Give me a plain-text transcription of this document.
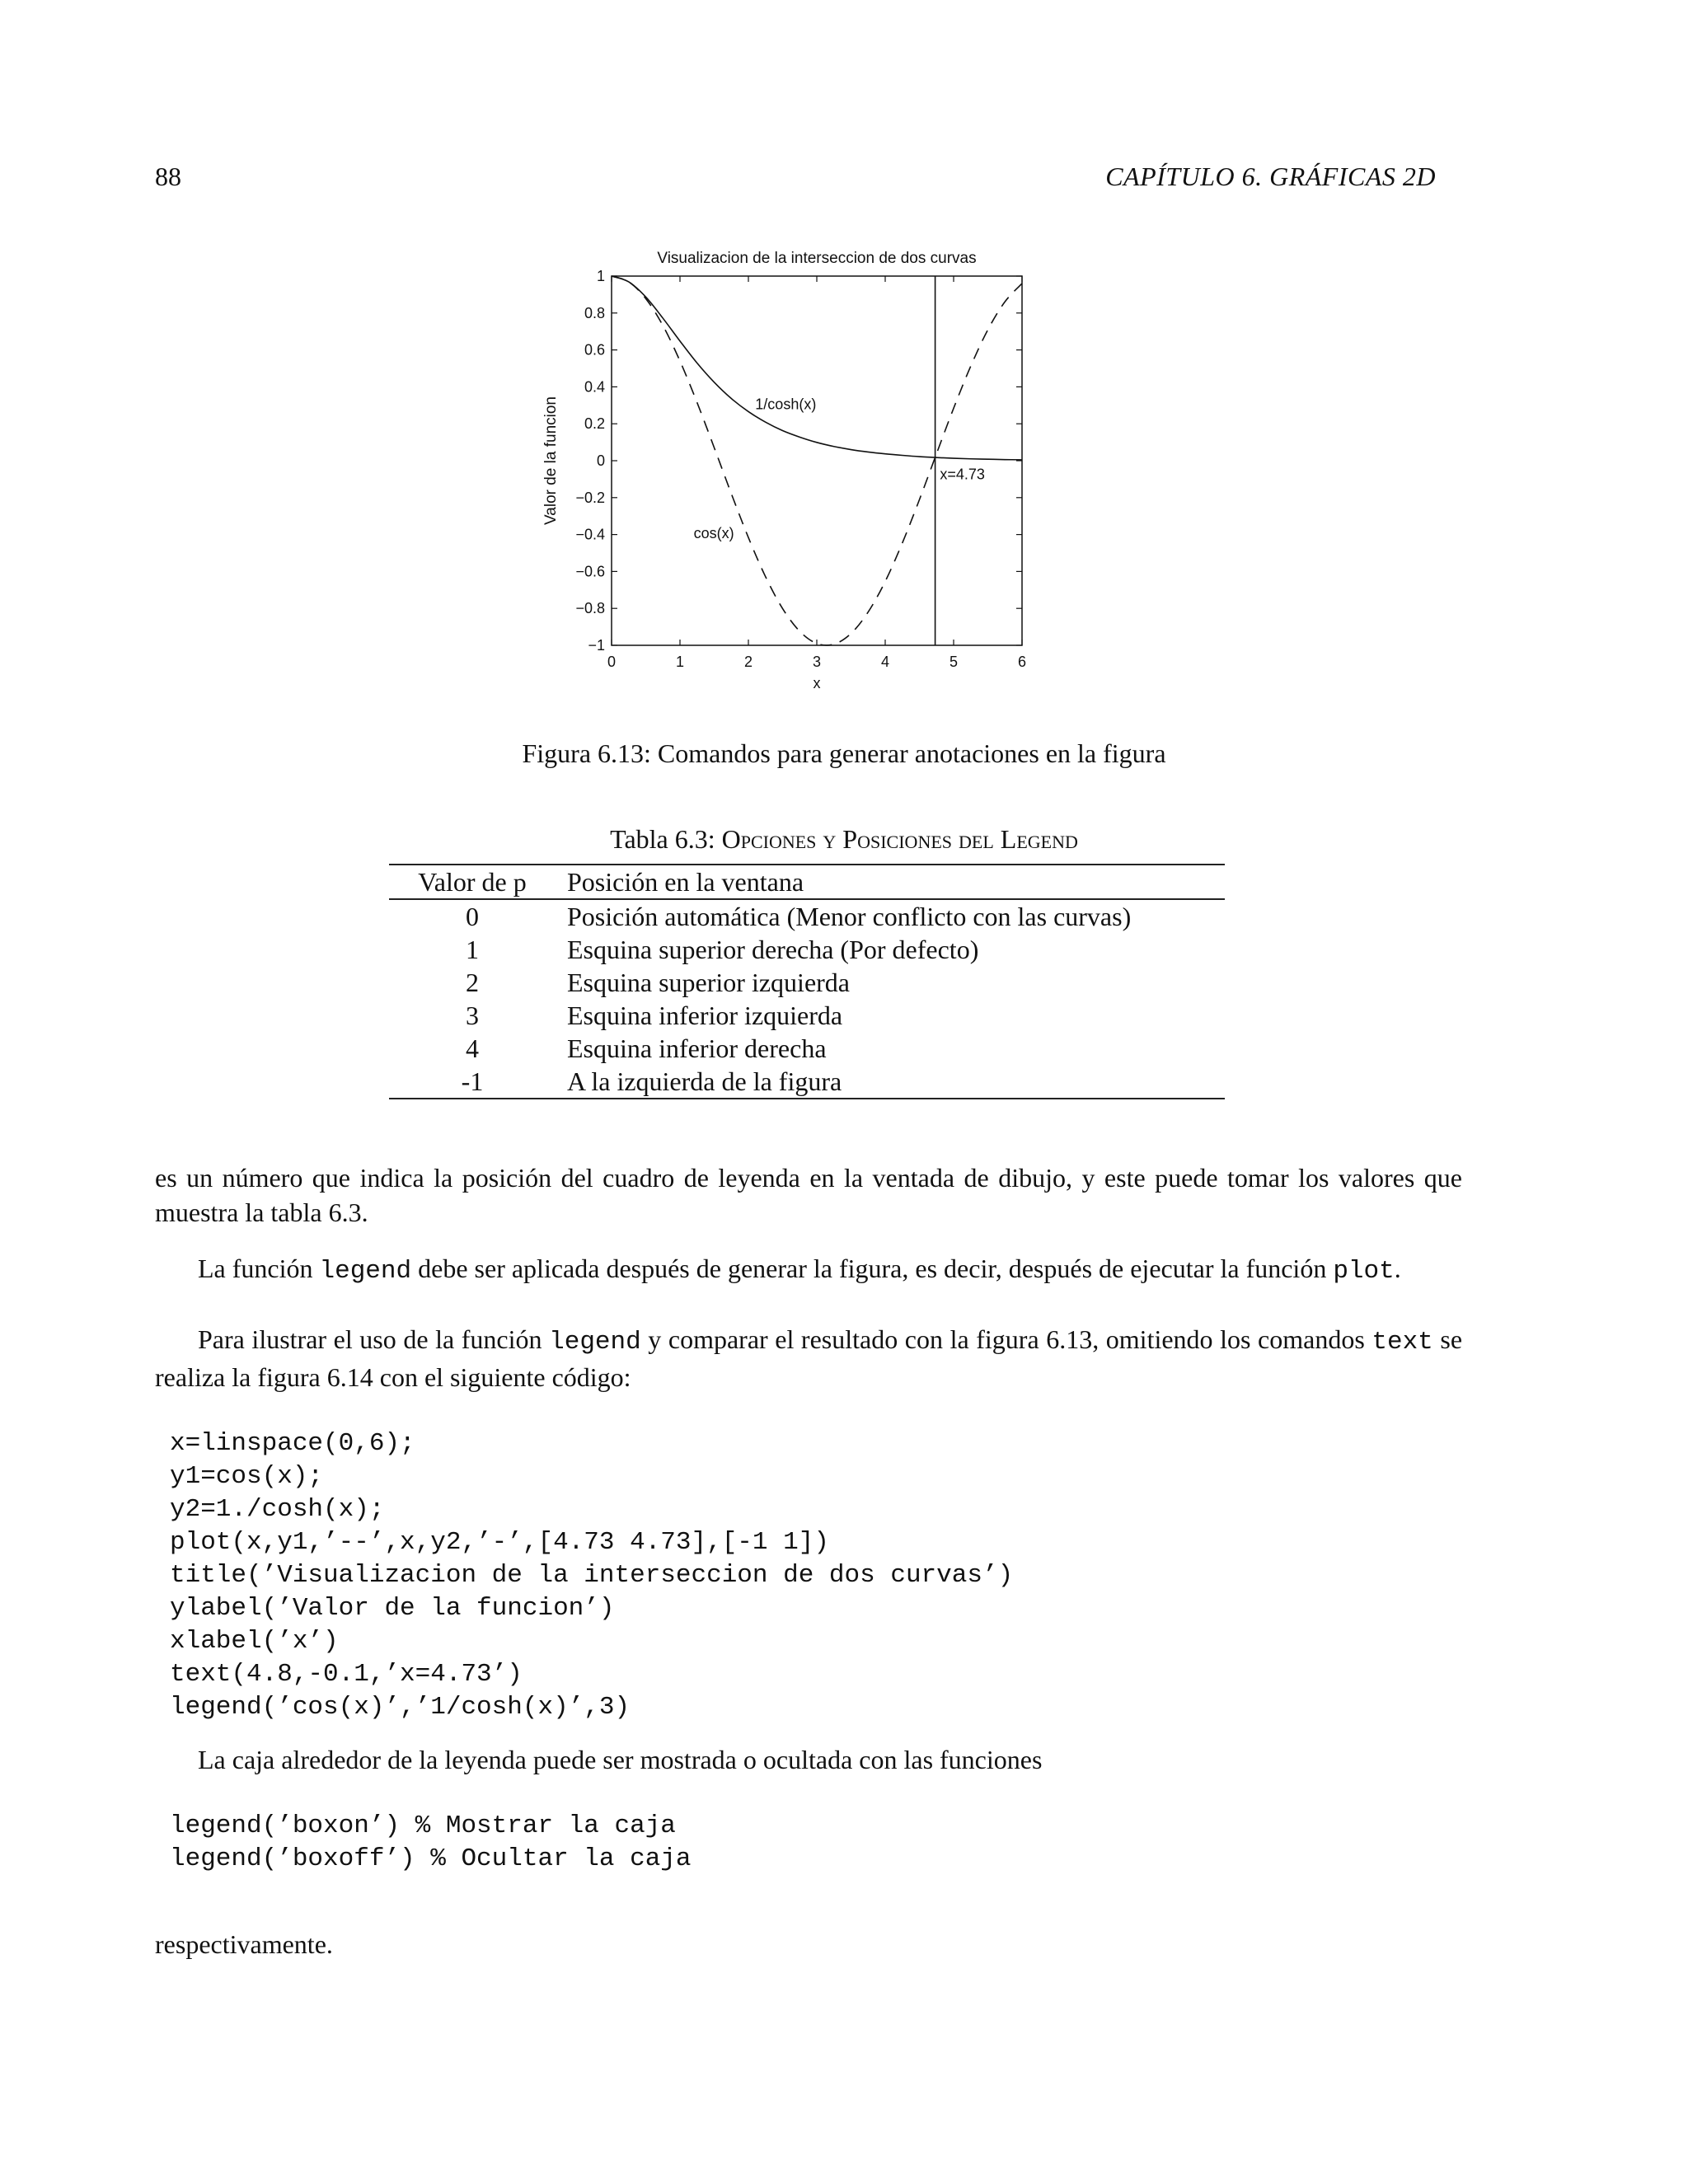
88	CAPÍTULO 6. GRÁFICAS 2D
0	1	2	3	4	5	6
−1
−0.8
−0.6
−0.4
−0.2
0
0.2
0.4
0.6
0.8
1
1/cosh(x)
cos(x)
x=4.73
Visualizacion de la interseccion de dos curvas
x
Valor de la funcion
Figura 6.13: Comandos para generar anotaciones en la figura
Tabla 6.3: Opciones y Posiciones del Legend
Valor de p	Posición en la ventana
0	Posición automática (Menor conflicto con las curvas)
1	Esquina superior derecha (Por defecto)
2	Esquina superior izquierda
3	Esquina inferior izquierda
4	Esquina inferior derecha
-1	A la izquierda de la figura

es un número que indica la posición del cuadro de leyenda en la ventada de dibujo, y este puede tomar los valores que muestra la tabla 6.3.

La función legend debe ser aplicada después de generar la figura, es decir, después de ejecutar la función plot.

Para ilustrar el uso de la función legend y comparar el resultado con la figura 6.13, omitiendo los comandos text se realiza la figura 6.14 con el siguiente código:

x=linspace(0,6);
y1=cos(x);
y2=1./cosh(x);
plot(x,y1,’--’,x,y2,’-’,[4.73 4.73],[-1 1])
title(’Visualizacion de la interseccion de dos curvas’)
ylabel(’Valor de la funcion’)
xlabel(’x’)
text(4.8,-0.1,’x=4.73’)
legend(’cos(x)’,’1/cosh(x)’,3)

La caja alrededor de la leyenda puede ser mostrada o ocultada con las funciones

legend(’boxon’) % Mostrar la caja
legend(’boxoff’) % Ocultar la caja

respectivamente.
